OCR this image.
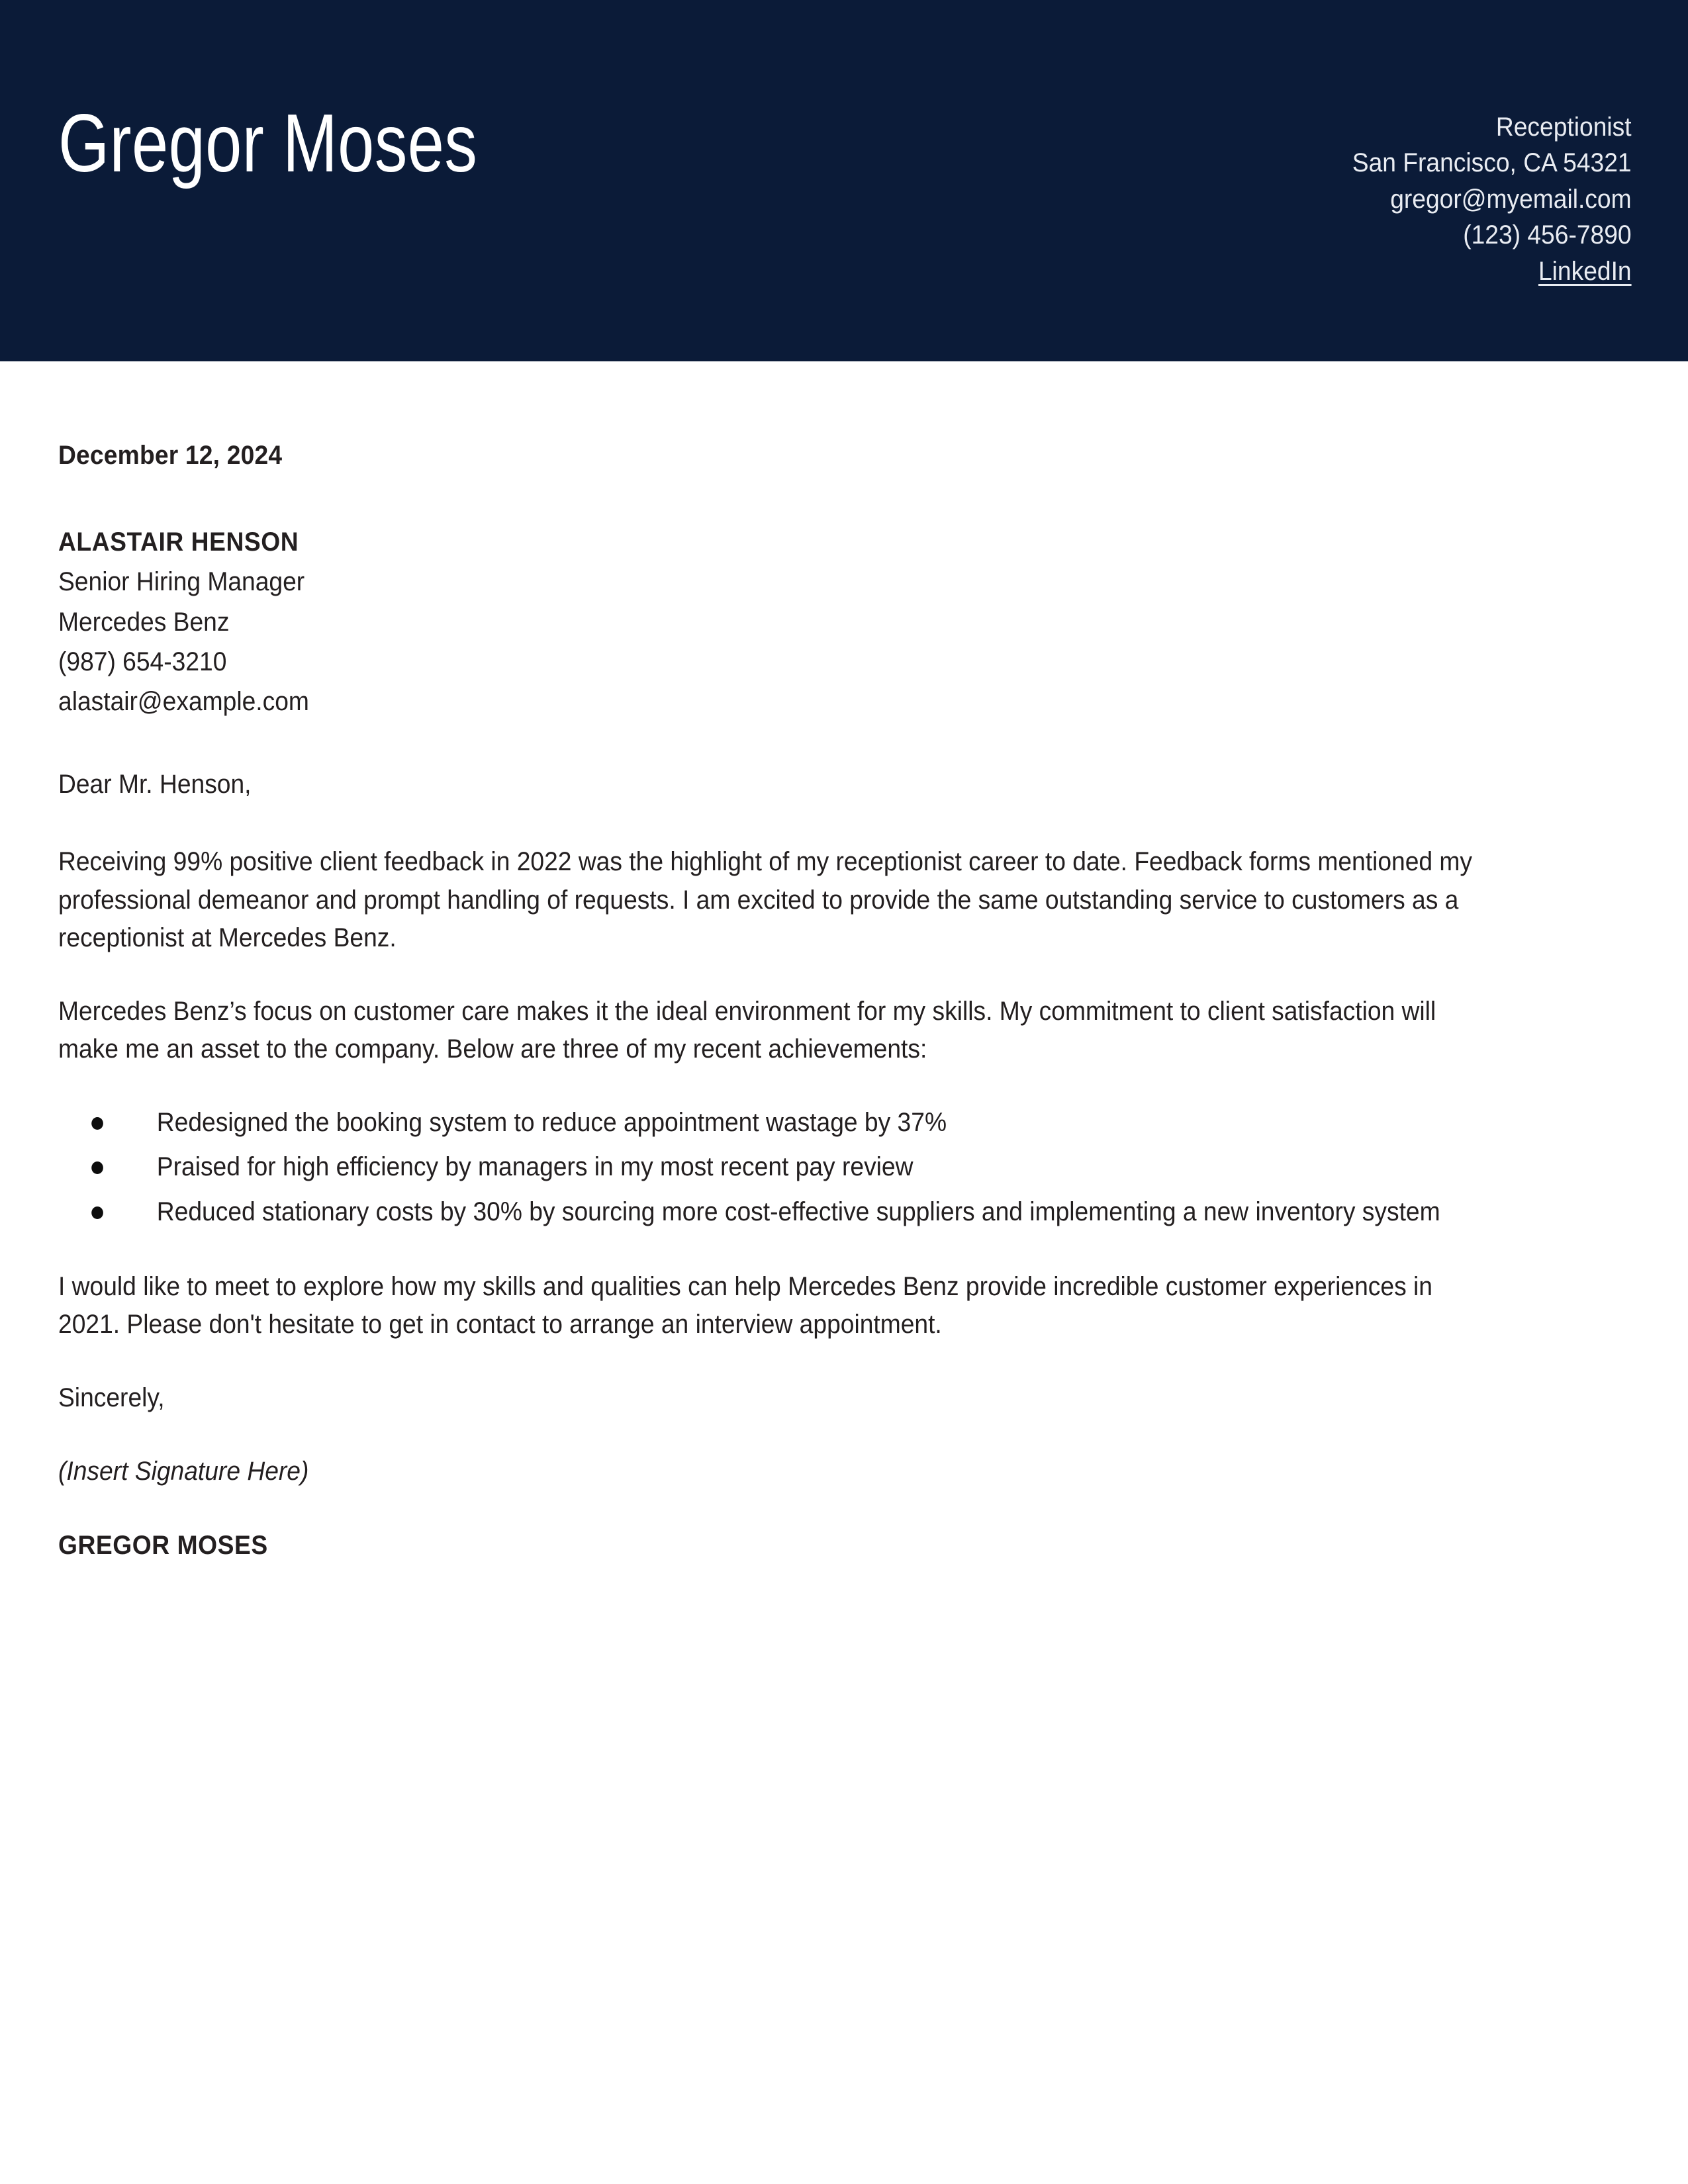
Gregor Moses	Receptionist
San Francisco, CA 54321
gregor@myemail.com
(123) 456-7890
LinkedIn
December 12, 2024
ALASTAIR HENSON
Senior Hiring Manager
Mercedes Benz
(987) 654-3210
alastair@example.com

Dear Mr. Henson,

Receiving 99% positive client feedback in 2022 was the highlight of my receptionist career to date. Feedback forms mentioned my professional demeanor and prompt handling of requests. I am excited to provide the same outstanding service to customers as a receptionist at Mercedes Benz.

Mercedes Benz’s focus on customer care makes it the ideal environment for my skills. My commitment to client satisfaction will make me an asset to the company. Below are three of my recent achievements:

Redesigned the booking system to reduce appointment wastage by 37%
Praised for high efficiency by managers in my most recent pay review
Reduced stationary costs by 30% by sourcing more cost-effective suppliers and implementing a new inventory system

I would like to meet to explore how my skills and qualities can help Mercedes Benz provide incredible customer experiences in 2021. Please don't hesitate to get in contact to arrange an interview appointment.

Sincerely,

(Insert Signature Here)

GREGOR MOSES
